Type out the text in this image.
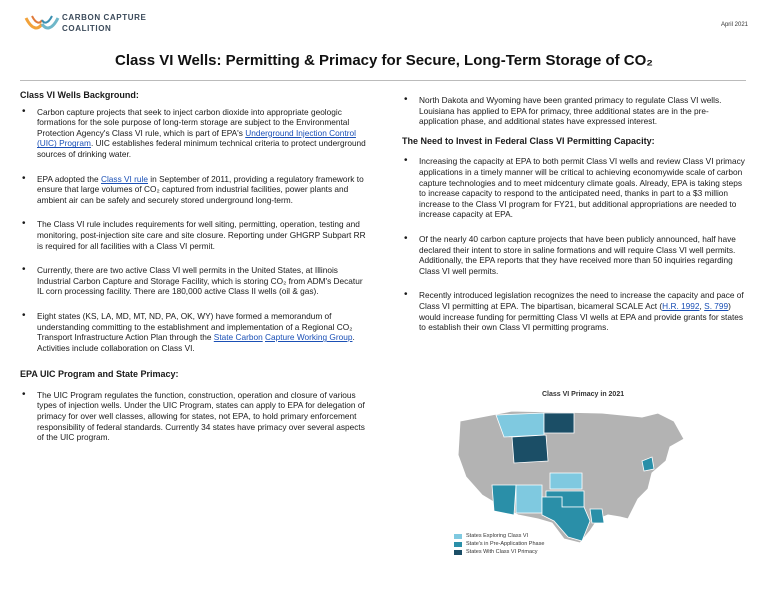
CARBON CAPTURE
COALITION	April 2021
Class VI Wells: Permitting & Primacy for Secure, Long-Term Storage of CO₂
Class VI Wells Background:
• Carbon capture projects that seek to inject carbon dioxide into appropriate geologic formations for the sole purpose of long-term storage are subject to the Environmental Protection Agency's Class VI rule, which is part of EPA's Underground Injection Control (UIC) Program. UIC establishes federal minimum technical criteria to protect underground sources of drinking water.
• EPA adopted the Class VI rule in September of 2011, providing a regulatory framework to ensure that large volumes of CO₂ captured from industrial facilities, power plants and ambient air can be safely and securely stored underground long-term.
• The Class VI rule includes requirements for well siting, permitting, operation, testing and monitoring, post-injection site care and site closure. Reporting under GHGRP Subpart RR is required for all facilities with a Class VI permit.
• Currently, there are two active Class VI well permits in the United States, at Illinois Industrial Carbon Capture and Storage Facility, which is storing CO₂ from ADM's Decatur IL corn processing facility. There are 180,000 active Class II wells (oil & gas).
• Eight states (KS, LA, MD, MT, ND, PA, OK, WY) have formed a memorandum of understanding committing to the establishment and implementation of a Regional CO₂ Transport Infrastructure Action Plan through the State Carbon Capture Working Group. Activities include collaboration on Class VI.
EPA UIC Program and State Primacy:
• The UIC Program regulates the function, construction, operation and closure of various types of injection wells. Under the UIC Program, states can apply to EPA for delegation of primacy for over well classes, allowing for states, not EPA, to hold primary enforcement responsibility of federal standards. Currently 34 states have primacy over several aspects of the UIC program.
• North Dakota and Wyoming have been granted primacy to regulate Class VI wells. Louisiana has applied to EPA for primacy, three additional states are in the pre-application phase, and additional states have expressed interest.
The Need to Invest in Federal Class VI Permitting Capacity:
• Increasing the capacity at EPA to both permit Class VI wells and review Class VI primacy applications in a timely manner will be critical to achieving economywide scale of carbon capture technologies and to meet midcentury climate goals. Already, EPA is taking steps to increase capacity to respond to the anticipated need, thanks in part to a $3 million increase to the Class VI program for FY21, but additional appropriations are needed to increase capacity at EPA.
• Of the nearly 40 carbon capture projects that have been publicly announced, half have declared their intent to store in saline formations and will require Class VI well permits. Additionally, the EPA reports that they have received more than 50 inquiries regarding Class VI well permits.
• Recently introduced legislation recognizes the need to increase the capacity and pace of Class VI permitting at EPA. The bipartisan, bicameral SCALE Act (H.R. 1992, S. 799) would increase funding for permitting Class VI wells at EPA and provide grants for states to establish their own Class VI permitting programs.
Class VI Primacy in 2021
States Exploring Class VI
State's in Pre-Application Phase
States With Class VI Primacy
